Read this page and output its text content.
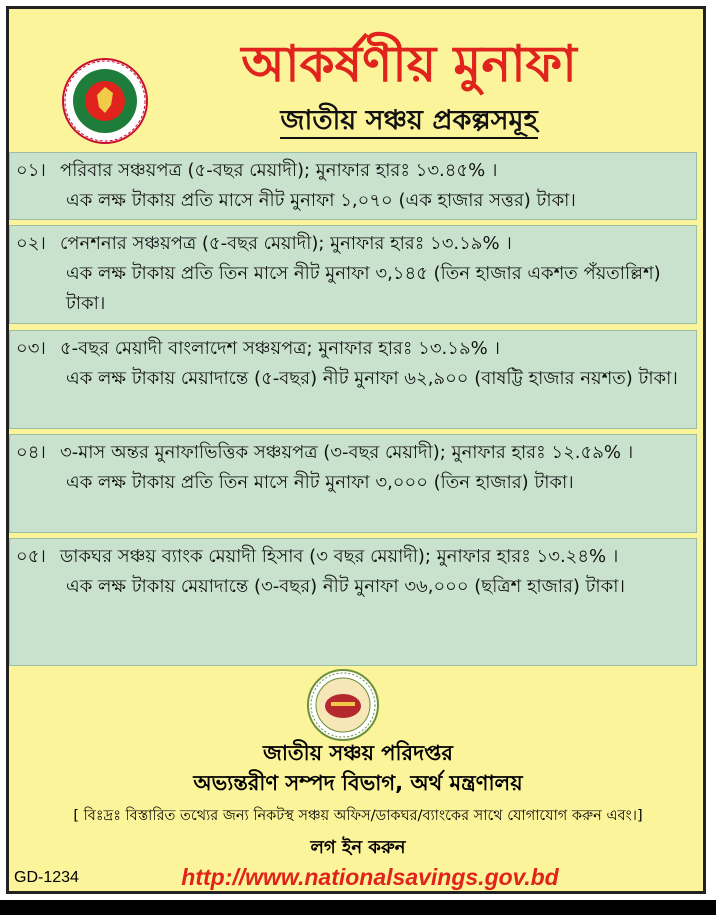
আকর্ষণীয় মুনাফা
জাতীয় সঞ্চয় প্রকল্পসমূহ
০১। পরিবার সঞ্চয়পত্র (৫-বছর মেয়াদী); মুনাফার হারঃ ১৩.৪৫% ।
এক লক্ষ টাকায় প্রতি মাসে নীট মুনাফা ১,০৭০ (এক হাজার সত্তর) টাকা।
০২। পেনশনার সঞ্চয়পত্র (৫-বছর মেয়াদী); মুনাফার হারঃ ১৩.১৯% ।
এক লক্ষ টাকায় প্রতি তিন মাসে নীট মুনাফা ৩,১৪৫ (তিন হাজার একশত পঁয়তাল্লিশ) টাকা।
০৩। ৫-বছর মেয়াদী বাংলাদেশ সঞ্চয়পত্র; মুনাফার হারঃ ১৩.১৯% ।
এক লক্ষ টাকায় মেয়াদান্তে (৫-বছর) নীট মুনাফা ৬২,৯০০ (বাষট্টি হাজার নয়শত) টাকা।
০৪। ৩-মাস অন্তর মুনাফাভিত্তিক সঞ্চয়পত্র (৩-বছর মেয়াদী); মুনাফার হারঃ ১২.৫৯% ।
এক লক্ষ টাকায় প্রতি তিন মাসে নীট মুনাফা ৩,০০০ (তিন হাজার) টাকা।
০৫। ডাকঘর সঞ্চয় ব্যাংক মেয়াদী হিসাব (৩ বছর মেয়াদী); মুনাফার হারঃ ১৩.২৪% ।
এক লক্ষ টাকায় মেয়াদান্তে (৩-বছর) নীট মুনাফা ৩৬,০০০ (ছত্রিশ হাজার) টাকা।
জাতীয় সঞ্চয় পরিদপ্তর
অভ্যন্তরীণ সম্পদ বিভাগ, অর্থ মন্ত্রণালয়
[ বিঃদ্রঃ বিস্তারিত তথ্যের জন্য নিকটস্থ সঞ্চয় অফিস/ডাকঘর/ব্যাংকের সাথে যোগাযোগ করুন এবং।]
লগ ইন করুন
GD-1234	http://www.nationalsavings.gov.bd
